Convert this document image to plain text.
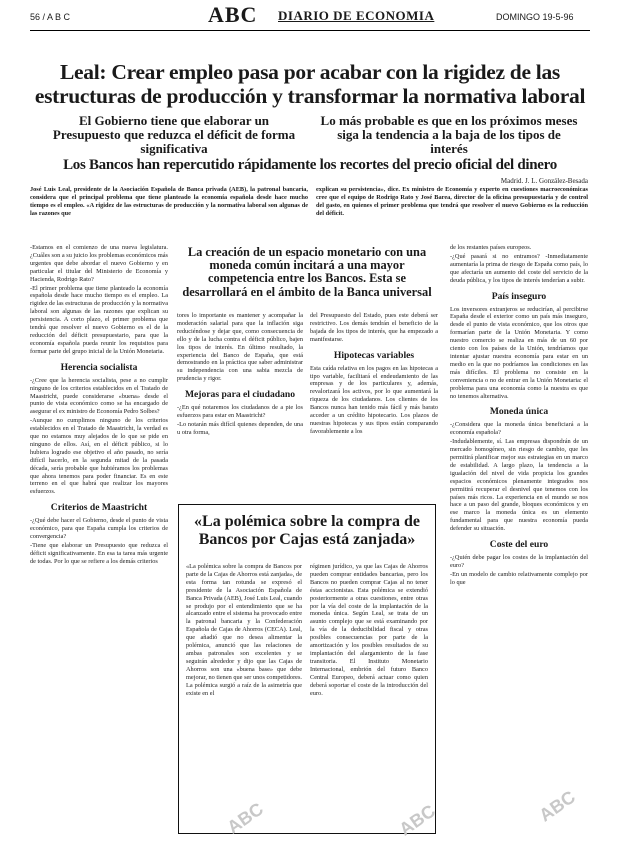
56 / A B C	ABC DIARIO DE ECONOMIA	DOMINGO 19-5-96
Leal: Crear empleo pasa por acabar con la rigidez de las
estructuras de producción y transformar la normativa laboral
El Gobierno tiene que elaborar un Presupuesto que reduzca el déficit de forma significativa
Lo más probable es que en los próximos meses siga la tendencia a la baja de los tipos de interés
Los Bancos han repercutido rápidamente los recortes del precio oficial del dinero
Madrid. J. L. González-Besada
José Luis Leal, presidente de la Asociación Española de Banca privada (AEB), la patronal bancaria, considera que el principal problema que tiene planteado la economía española desde hace mucho tiempo es el empleo. «A rigidez de las estructuras de producción y la normativa laboral son algunas de las razones que
explican su persistencia», dice. Ex ministro de Economía y experto en cuestiones macroeconómicas cree que el equipo de Rodrigo Rato y José Barea, director de la oficina presupuestaria y de control del gasto, en quienes el primer problema que tendrá que resolver el nuevo Gobierno es la reducción del déficit.

-Estamos en el comienzo de una nueva legislatura. ¿Cuáles son a su juicio los problemas económicos más urgentes que debe abordar el nuevo Gobierno y en particular el titular del Ministerio de Economía y Hacienda, Rodrigo Rato?

-El primer problema que tiene planteado la economía española desde hace mucho tiempo es el empleo. La rigidez de las estructuras de producción y la normativa laboral son algunas de las razones que explican su persistencia. A corto plazo, el primer problema que tendrá que resolver el nuevo Gobierno es el de la reducción del déficit presupuestario, para que la economía española pueda reunir los requisitos para formar parte del grupo inicial de la Unión Monetaria.

Herencia socialista

-¿Cree que la herencia socialista, pese a no cumplir ninguno de los criterios establecidos en el Tratado de Maastricht, puede considerarse «buena» desde el punto de vista económico como se ha encargado de asegurar el ex ministro de Economía Pedro Solbes?

-Aunque no cumplimos ninguno de los criterios establecidos en el Tratado de Maastricht, la verdad es que no estamos muy alejados de lo que se pide en ninguno de ellos. Así, en el déficit público, si lo hubiera logrado ese objetivo el año pasado, no sería difícil hacerlo, en la segunda mitad de la pasada década, sería probable que hubiéramos los problemas que ahora tenemos para poder financiar. Es en este terreno en el que habrá que realizar los mayores esfuerzos.

Criterios de Maastricht

-¿Qué debe hacer el Gobierno, desde el punto de vista económico, para que España cumpla los criterios de convergencia?

-Tiene que elaborar un Presupuesto que reduzca el déficit significativamente. En esa ta tarea más urgente de todas. Por lo que se refiere a los demás criterios

La creación de un espacio monetario con una moneda común incitará a una mayor competencia entre los Bancos. Esta se desarrollará en el ámbito de la Banca universal

tores lo importante es mantener y acompañar la moderación salarial para que la inflación siga reduciéndose y dejar que, como consecuencia de ello y de la lucha contra el déficit público, bajen los tipos de interés. En último resultado, la experiencia del Banco de España, que está demostrando en la práctica que saber administrar su independencia con una sabia mezcla de prudencia y rigor.

Mejoras para el ciudadano

-¿En qué notaremos los ciudadanos de a pie los esfuerzos para estar en Maastricht?

-Lo notarán más difícil quienes dependen, de una u otra forma,

del Presupuesto del Estado, pues este deberá ser restrictivo. Los demás tendrán el beneficio de la bajada de los tipos de interés, que ha empezado a manifestarse.

Hipotecas variables

Esta caída relativa en los pagos en las hipotecas a tipo variable, facilitará el endeudamiento de las empresas y de los particulares y, además, revalorizará los activos, por lo que aumentará la riqueza de los ciudadanos. Los clientes de los Bancos nunca han tenido más fácil y más barato acceder a un crédito hipotecario. Los plazos de nuestras hipotecas y sus tipos están comparando favorablemente a los

de los restantes países europeos.

-¿Qué pasará si no entramos? -Inmediatamente aumentaría la prima de riesgo de España como país, lo que afectaría un aumento del coste del servicio de la deuda pública, y los tipos de interés tenderían a subir.

País inseguro

Los inversores extranjeros se reducirían, al percibirse España desde el exterior como un país más inseguro, desde el punto de vista económico, que los otros que formarían parte de la Unión Monetaria. Y como nuestro comercio se realiza en más de un 60 por ciento con los países de la Unión, tendríamos que intentar ajustar nuestra economía para estar en un medio en la que no podríamos las condiciones en las más difíciles. El problema no consiste en la conveniencia o no de entrar en la Unión Monetaria: el problema para una economía como la nuestra es que no tenemos alternativa.

Moneda única

-¿Considera que la moneda única beneficiará a la economía española?

-Indudablemente, sí. Las empresas dispondrán de un mercado homogéneo, sin riesgo de cambio, que les permitirá planificar mejor sus estrategias en un marco de estabilidad. A largo plazo, la tendencia a la igualación del nivel de vida propicia los grandes espacios económicos plenamente integrados nos permitirá recuperar el desnivel que tenemos con los países más ricos. La experiencia en el mundo se nos hace a un paso del grande, bloques económicos y en ese marco la moneda única es un elemento fundamental para que nuestra economía pueda defender su situación.

Coste del euro

-¿Quién debe pagar los costes de la implantación del euro?

-En un modelo de cambio relativamente complejo por lo que

«La polémica sobre la compra de Bancos por Cajas está zanjada»
«La polémica sobre la compra de Bancos por parte de la Cajas de Ahorros está zanjada», de esta forma tan rotunda se expresó el presidente de la Asociación Española de Banca Privada (AEB), José Luis Leal, cuando se produjo por el entendimiento que se ha alcanzado entre el sistema ha provocado entre la patronal bancaria y la Confederación Española de Cajas de Ahorros (CECA). Leal, que añadió que no desea alimentar la polémica, anunció que las relaciones de ambas patronales son excelentes y se seguirán alrededor y dijo que las Cajas de Ahorros son una «buena base» que debe mejorar, no tienen que ser unos competidores. La polémica surgió a raíz de la asimetría que existe en el
régimen jurídico, ya que las Cajas de Ahorros pueden comprar entidades bancarias, pero los Bancos no pueden comprar Cajas al no tener éstas accionistas. Esta polémica se extendió posteriormente a otras cuestiones, entre otras por la vía del coste de la implantación de la moneda única. Según Leal, se trata de un asunto complejo que se está examinando por la vía de la deducibilidad fiscal y otras posibles consecuencias por parte de la amortización y los posibles resultados de su implantación del alargamiento de la fase transitoria. El Instituto Monetario Internacional, embrión del futuro Banco Central Europeo, deberá actuar como quien deberá soportar el coste de la introducción del euro.
ABC	ABC	ABC
